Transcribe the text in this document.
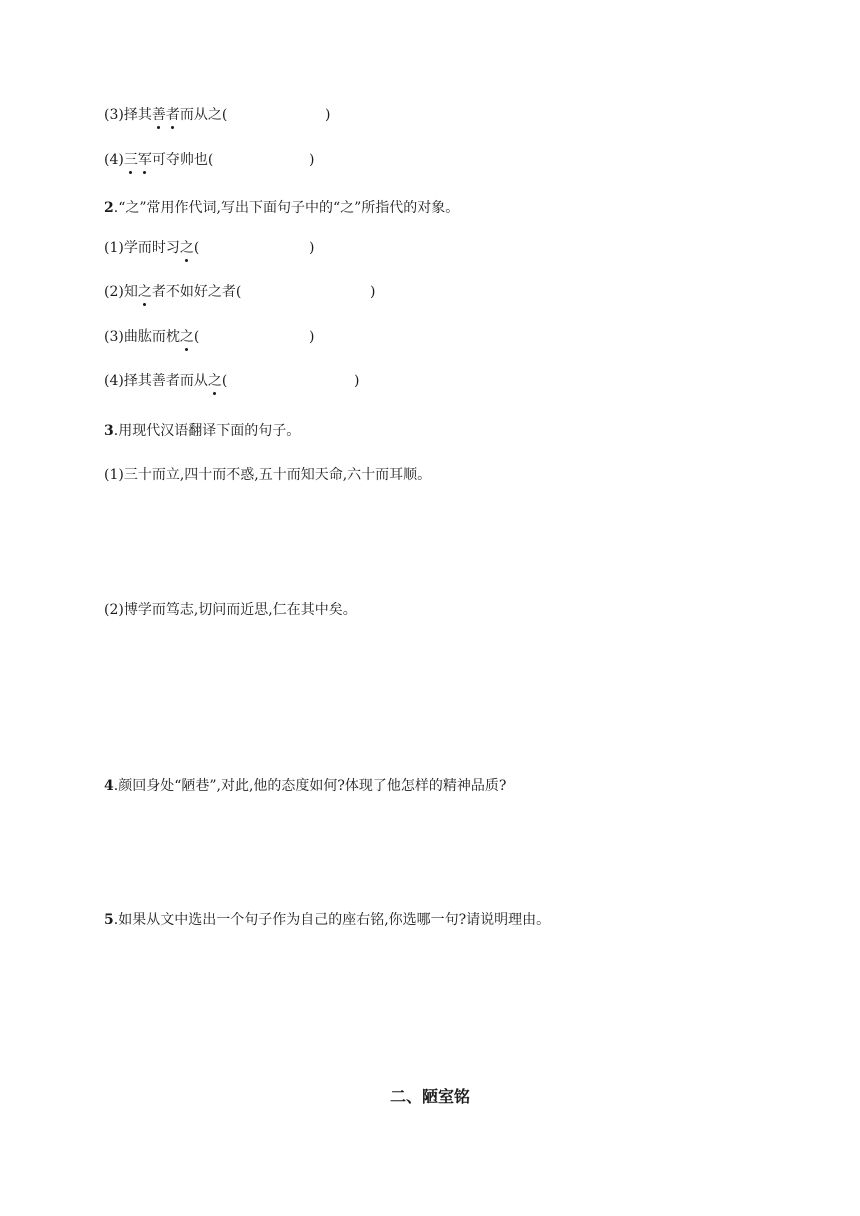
(3)择其善者而从之(	)
(4)三军可夺帅也(	)
2.“之”常用作代词,写出下面句子中的“之”所指代的对象。
(1)学而时习之(	)
(2)知之者不如好之者(	)
(3)曲肱而枕之(	)
(4)择其善者而从之(	)
3.用现代汉语翻译下面的句子。
(1)三十而立,四十而不惑,五十而知天命,六十而耳顺。
(2)博学而笃志,切问而近思,仁在其中矣。
4.颜回身处“陋巷”,对此,他的态度如何?体现了他怎样的精神品质?
5.如果从文中选出一个句子作为自己的座右铭,你选哪一句?请说明理由。
二、陋室铭
